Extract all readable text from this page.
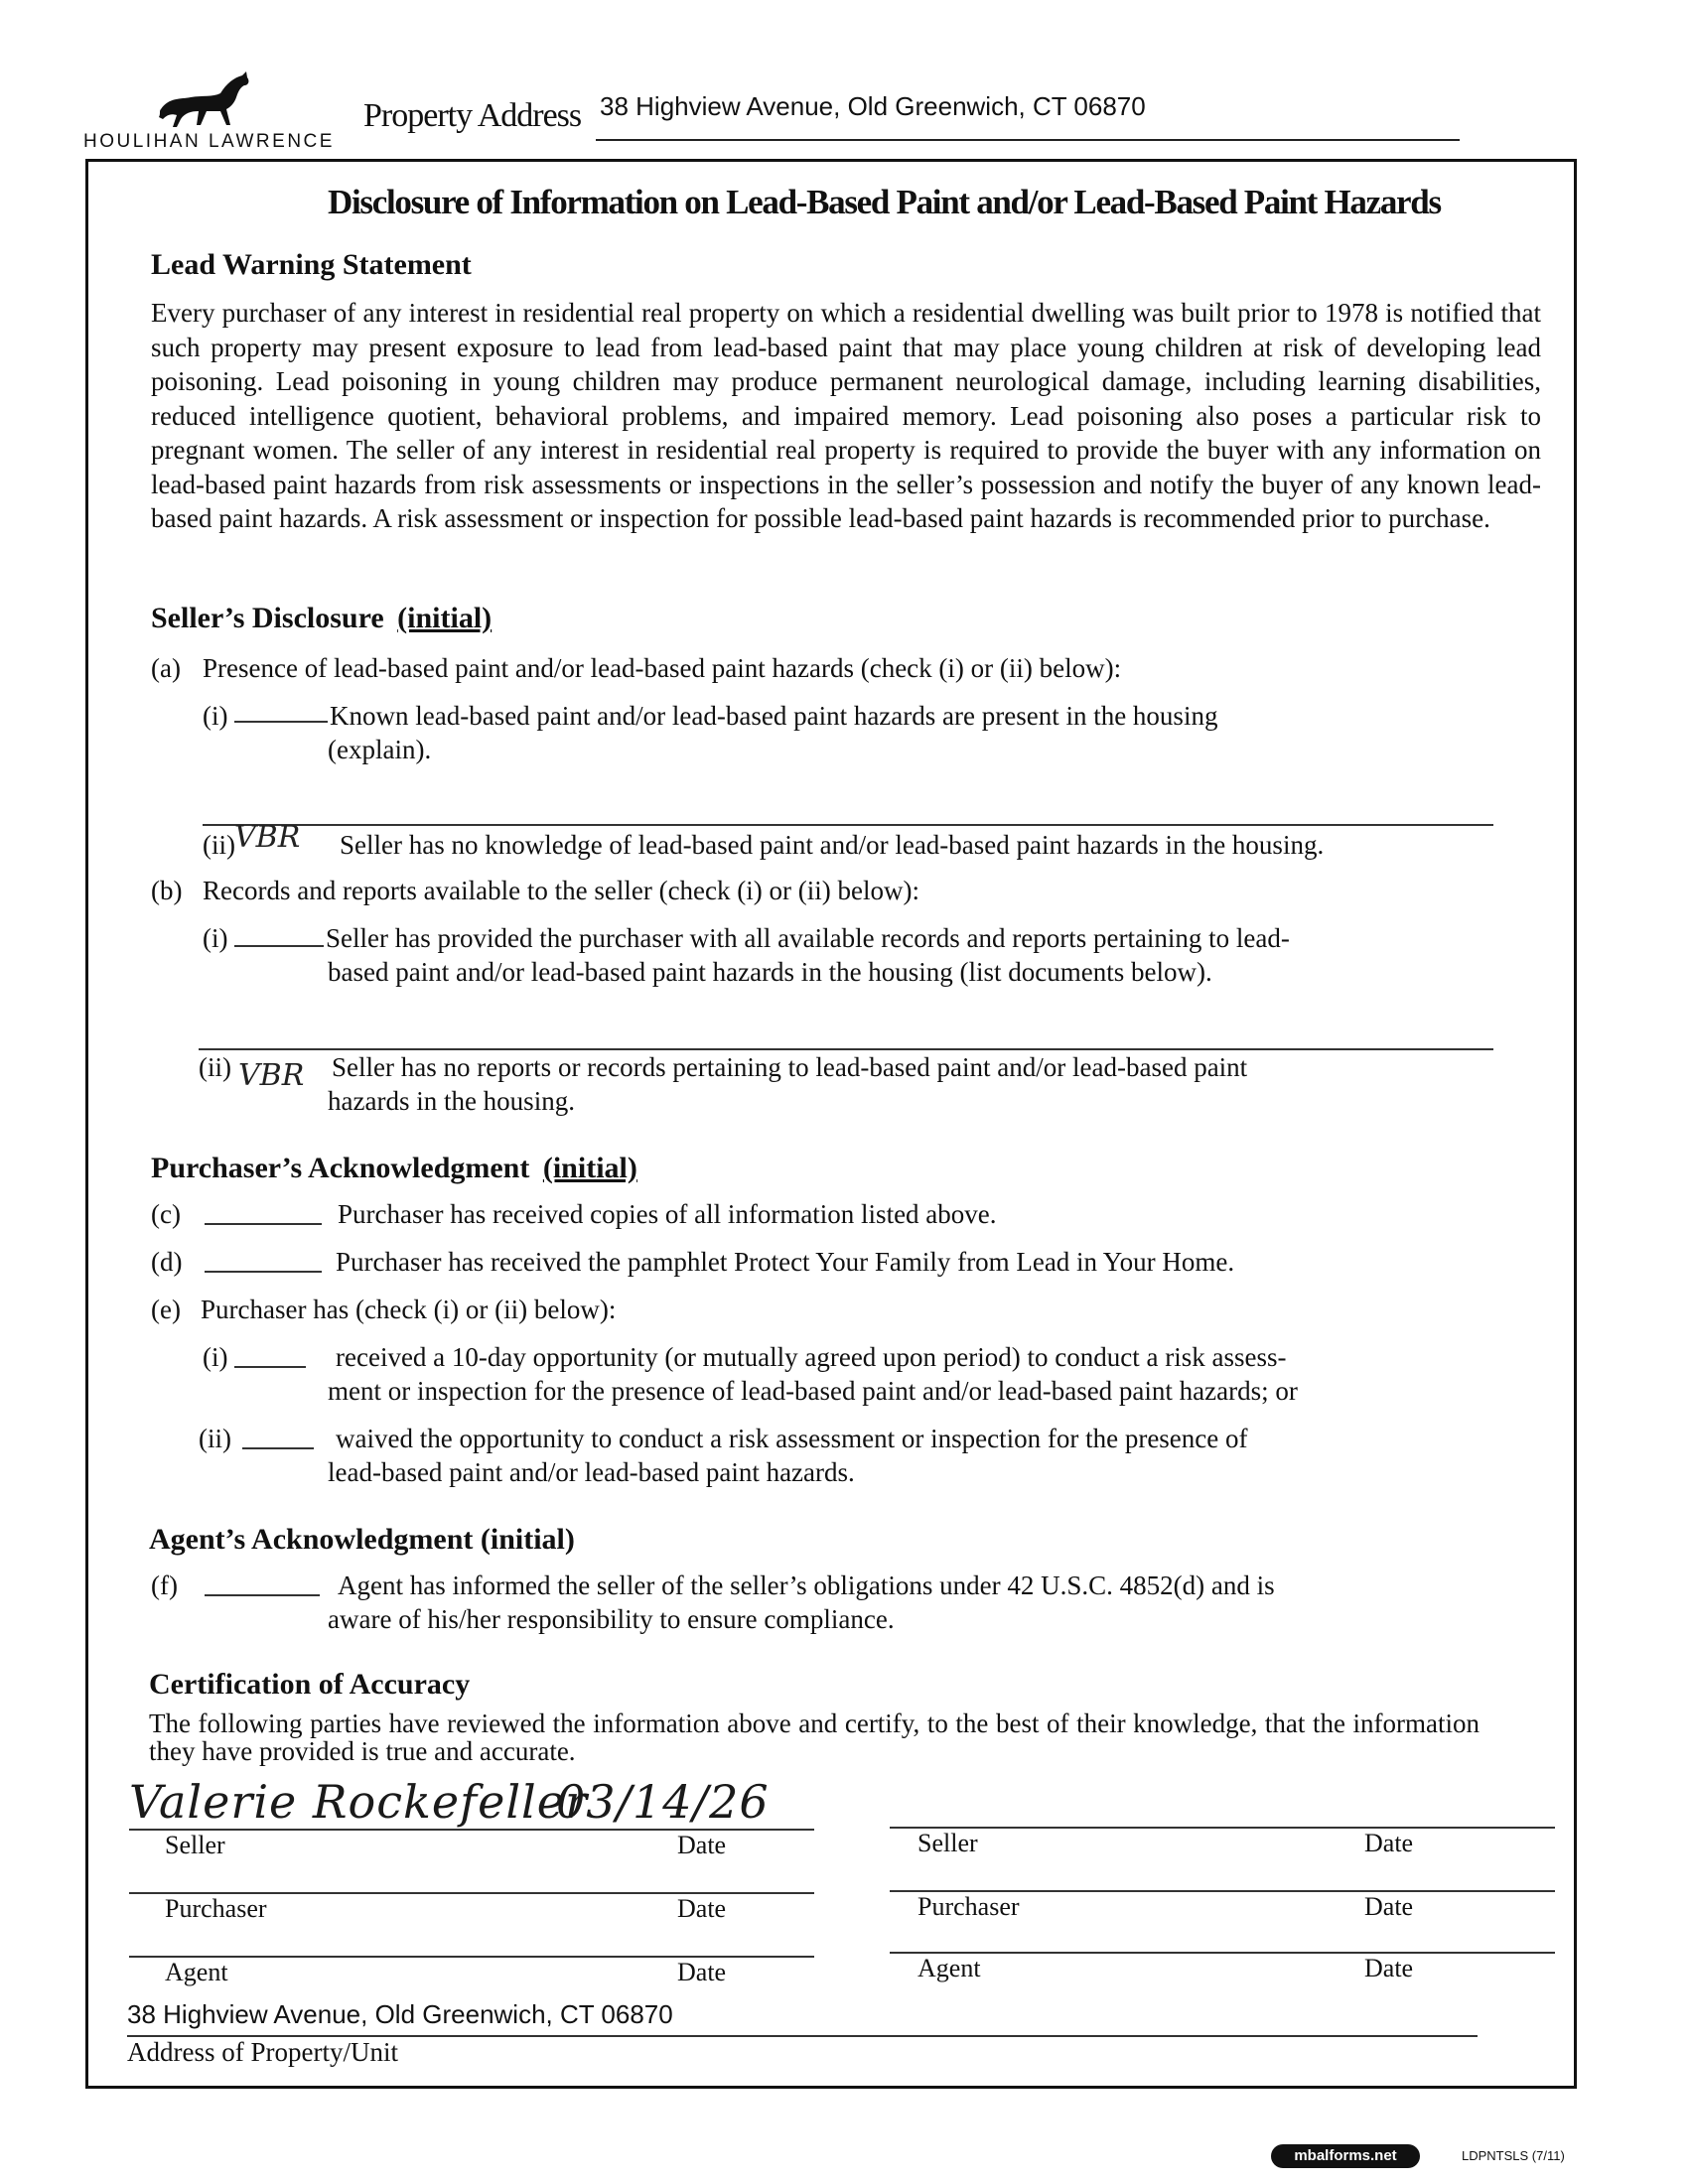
HOULIHAN LAWRENCE
Property Address 38 Highview Avenue, Old Greenwich, CT 06870
Disclosure of Information on Lead-Based Paint and/or Lead-Based Paint Hazards
Lead Warning Statement
Every purchaser of any interest in residential real property on which a residential dwelling was built prior to 1978 is notified that such property may present exposure to lead from lead-based paint that may place young children at risk of developing lead poisoning. Lead poisoning in young children may produce permanent neurological damage, including learning disabilities, reduced intelligence quotient, behavioral problems, and impaired memory. Lead poisoning also poses a particular risk to pregnant women. The seller of any interest in residential real property is required to provide the buyer with any information on lead-based paint hazards from risk assessments or inspections in the seller’s possession and notify the buyer of any known lead-based paint hazards. A risk assessment or inspection for possible lead-based paint hazards is recommended prior to purchase.
Seller’s Disclosure (initial)
(a) Presence of lead-based paint and/or lead-based paint hazards (check (i) or (ii) below):
(i)	Known lead-based paint and/or lead-based paint hazards are present in the housing
(explain).
(ii) VBR Seller has no knowledge of lead-based paint and/or lead-based paint hazards in the housing.
(b) Records and reports available to the seller (check (i) or (ii) below):
(i)	Seller has provided the purchaser with all available records and reports pertaining to lead-
based paint and/or lead-based paint hazards in the housing (list documents below).
(ii) VBR Seller has no reports or records pertaining to lead-based paint and/or lead-based paint
hazards in the housing.
Purchaser’s Acknowledgment (initial)
(c)	Purchaser has received copies of all information listed above.
(d)	Purchaser has received the pamphlet Protect Your Family from Lead in Your Home.
(e) Purchaser has (check (i) or (ii) below):
(i)	received a 10-day opportunity (or mutually agreed upon period) to conduct a risk assess-
ment or inspection for the presence of lead-based paint and/or lead-based paint hazards; or
(ii)	waived the opportunity to conduct a risk assessment or inspection for the presence of
lead-based paint and/or lead-based paint hazards.
Agent’s Acknowledgment (initial)
(f)	Agent has informed the seller of the seller’s obligations under 42 U.S.C. 4852(d) and is
aware of his/her responsibility to ensure compliance.
Certification of Accuracy
The following parties have reviewed the information above and certify, to the best of their knowledge, that the information they have provided is true and accurate.
Valerie Rockefeller
03/14/26
Seller	Date	Seller	Date
Purchaser	Date	Purchaser	Date
Agent	Date	Agent	Date
38 Highview Avenue, Old Greenwich, CT 06870
Address of Property/Unit
mbalforms.net	LDPNTSLS (7/11)
